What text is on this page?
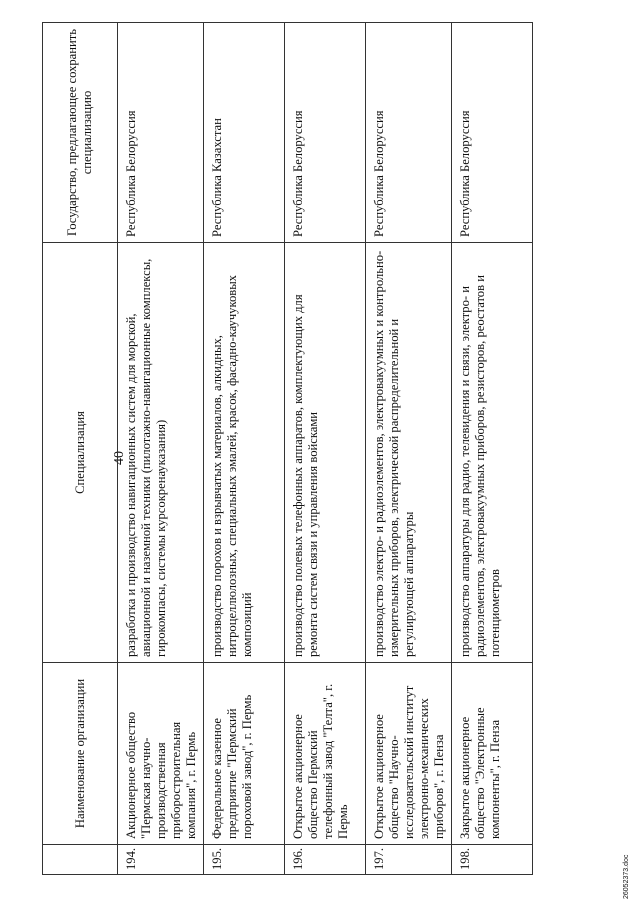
40
	Наименование организации	Специализация	Государство, предлагающее сохранить специализацию
194.	Акционерное общество "Пермская научно-производственная приборостроительная компания", г. Пермь	разработка и производство навигационных систем для морской, авиационной и наземной техники (пилотажно-навигационные комплексы, гирокомпасы, системы курсокренауказания)	Республика Белоруссия
195.	Федеральное казенное предприятие "Пермский пороховой завод", г. Пермь	производство порохов и взрывчатых материалов, алкидных, нитроцеллюлозных, специальных эмалей, красок, фасадно-каучуковых композиций	Республика Казахстан
196.	Открытое акционерное общество Пермский телефонный завод "Телта", г. Пермь	производство полевых телефонных аппаратов, комплектующих для ремонта систем связи и управления войсками	Республика Белоруссия
197.	Открытое акционерное общество "Научно-исследовательский институт электронно-механических приборов", г. Пенза	производство электро- и радиоэлементов, электровакуумных и контрольно-измерительных приборов, электрической распределительной и регулирующей аппаратуры	Республика Белоруссия
198.	Закрытое акционерное общество "Электронные компоненты", г. Пенза	производство аппаратуры для радио, телевидения и связи, электро- и радиоэлементов, электровакуумных приборов, резисторов, реостатов и потенциометров	Республика Белоруссия
26052373.doc
